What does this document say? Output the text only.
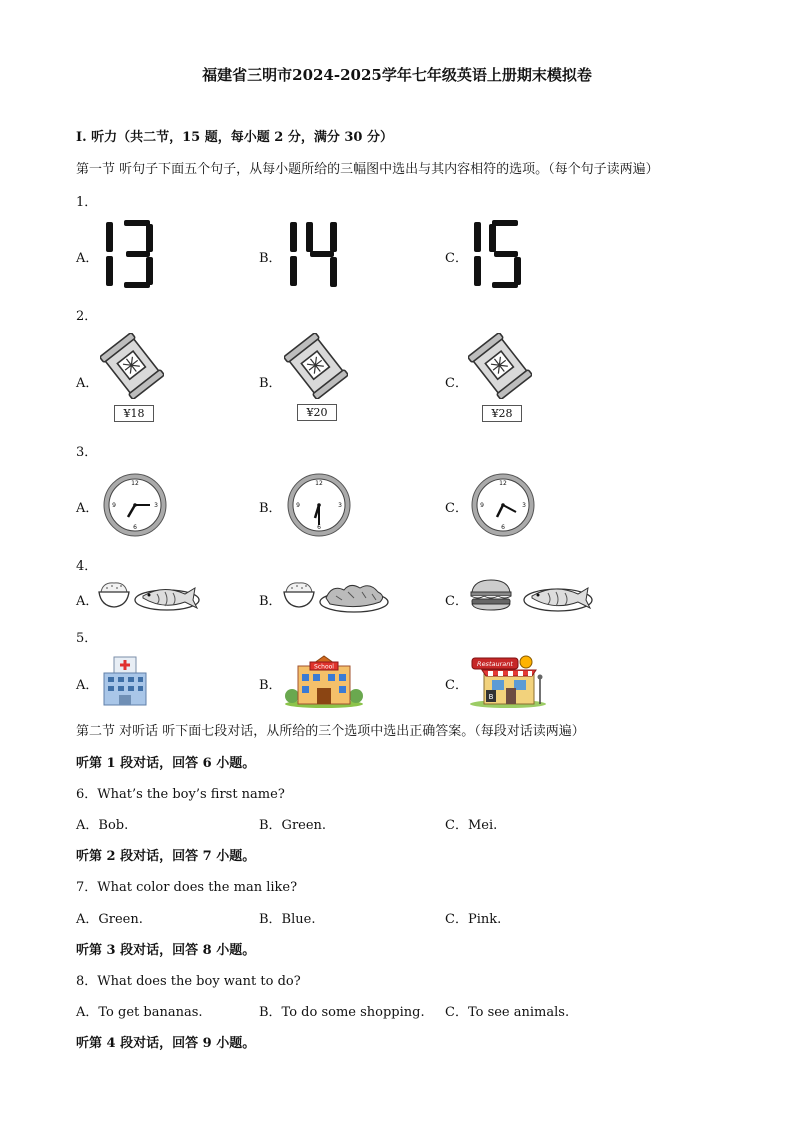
福建省三明市2024-2025学年七年级英语上册期末模拟卷
I. 听力（共二节，15 题，每小题 2 分，满分 30 分）
第一节 听句子下面五个句子，从每小题所给的三幅图中选出与其内容相符的选项。（每个句子读两遍）
1．
A．	B．	C．
2．
A．	B．	C．
¥18	¥20	¥28
3．
A．	B．	C．
12
3
6
9
12
3
6
9
12
3
6
9
4．
A．	B．	C．
5．
A．	B．	C．
School	Restaurant
B
第二节 对听话 听下面七段对话，从所给的三个选项中选出正确答案。（每段对话读两遍）
听第 1 段对话，回答 6 小题。
6．What’s the boy’s first name?
A．Bob.	B．Green.	C．Mei.
听第 2 段对话，回答 7 小题。
7．What color does the man like?
A．Green.	B．Blue.	C．Pink.
听第 3 段对话，回答 8 小题。
8．What does the boy want to do?
A．To get bananas.	B．To do some shopping. C．To see animals.
听第 4 段对话，回答 9 小题。
